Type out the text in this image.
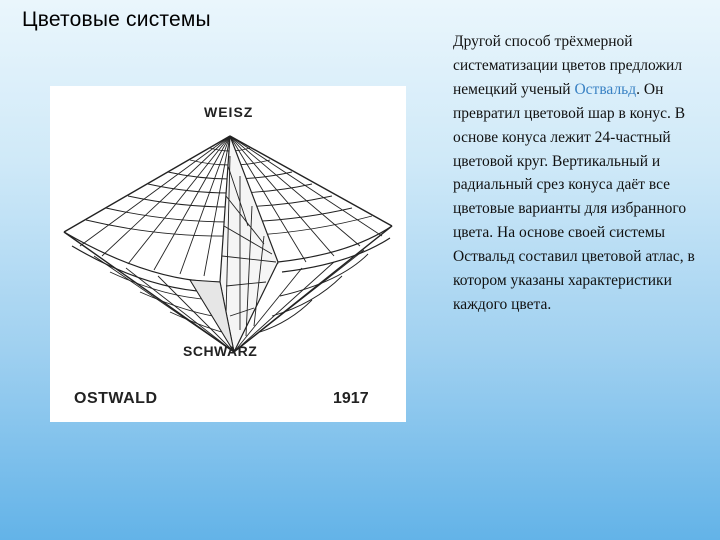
Цветовые системы
WEISZ
SCHWARZ
OSTWALD	1917
Другой способ трёхмерной систематизации цветов предложил немецкий ученый Оствальд. Он превратил цветовой шар в конус. В основе конуса лежит 24-частный цветовой круг. Вертикальный и радиальный срез конуса даёт все цветовые варианты для избранного цвета. На основе своей системы Оствальд составил цветовой атлас, в котором указаны характеристики каждого цвета.
